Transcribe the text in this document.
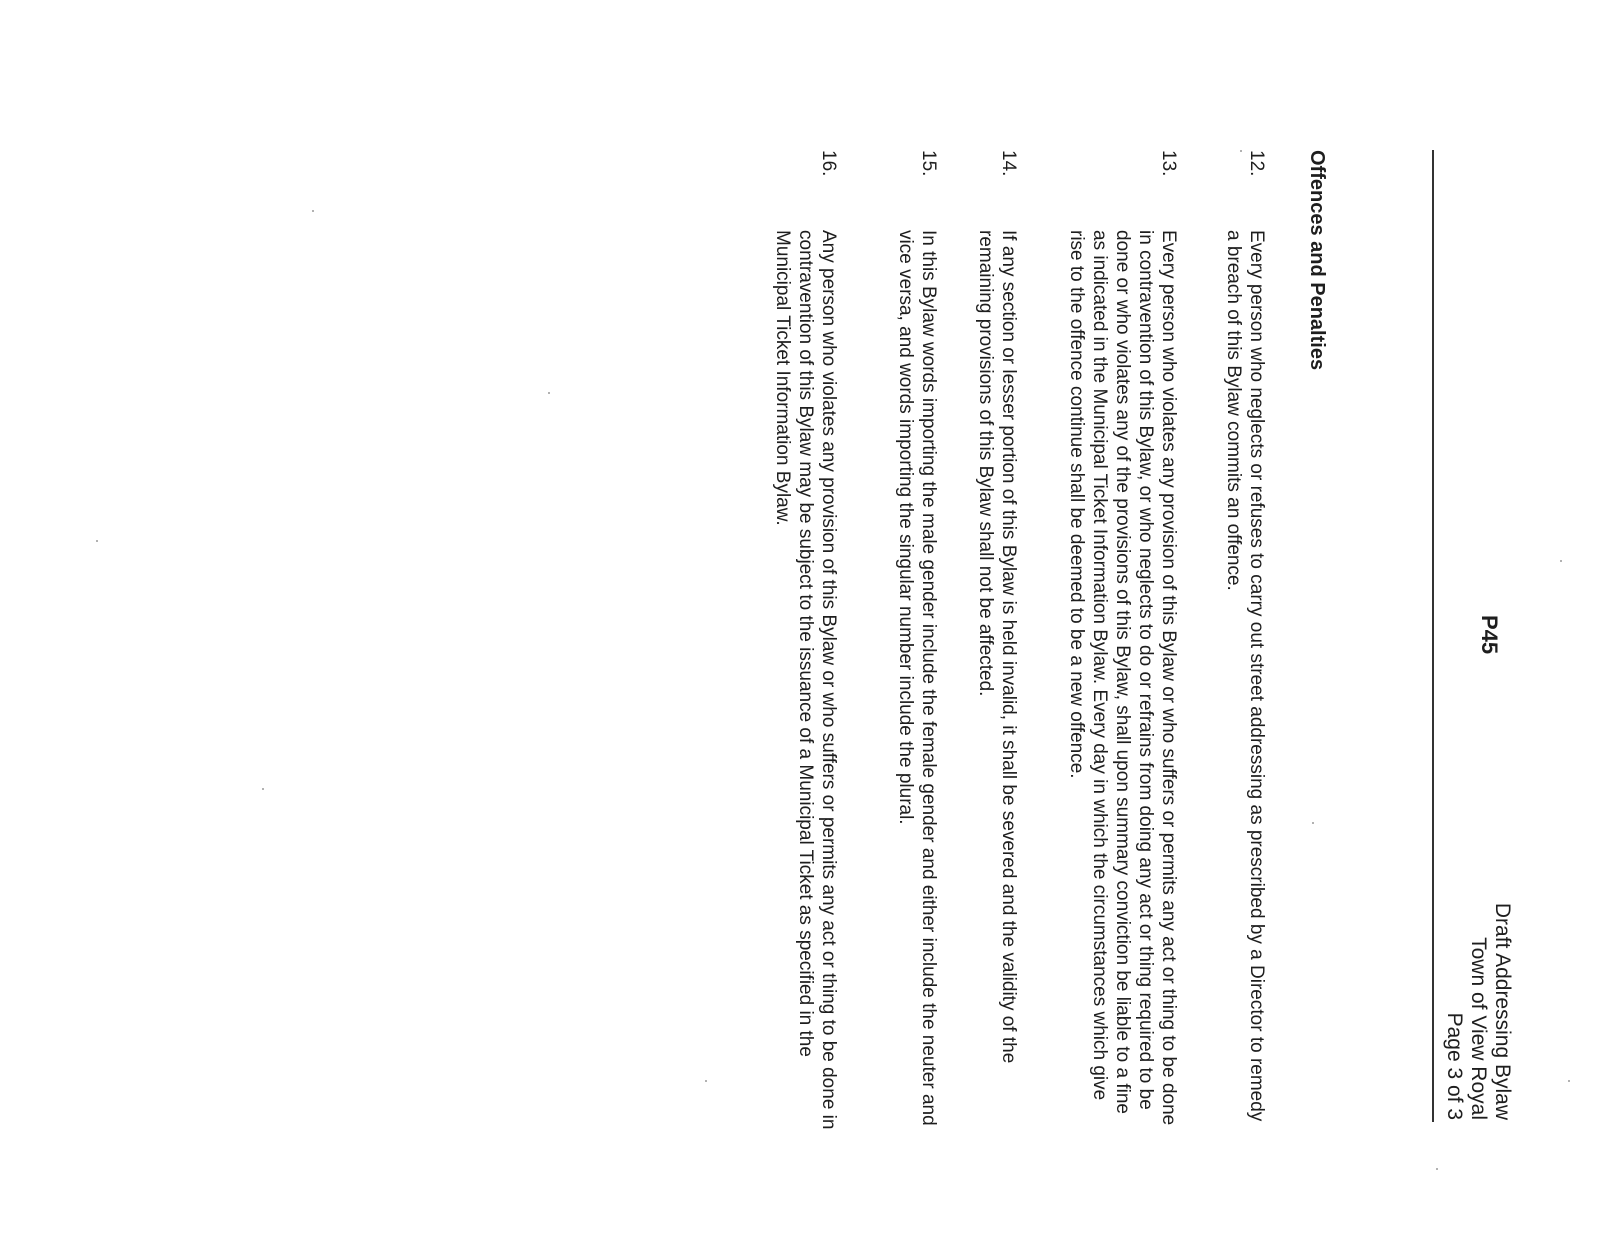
Draft Addressing Bylaw
Town of View Royal
Page 3 of 3
P45
Offences and Penalties
12.
Every person who neglects or refuses to carry out street addressing as prescribed by a Director to remedy a breach of this Bylaw commits an offence.
13.
Every person who violates any provision of this Bylaw or who suffers or permits any act or thing to be done in contravention of this Bylaw, or who neglects to do or refrains from doing any act or thing required to be done or who violates any of the provisions of this Bylaw, shall upon summary conviction be liable to a fine as indicated in the Municipal Ticket Information Bylaw. Every day in which the circumstances which give rise to the offence continue shall be deemed to be a new offence.
14.
If any section or lesser portion of this Bylaw is held invalid, it shall be severed and the validity of the remaining provisions of this Bylaw shall not be affected.
15.
In this Bylaw words importing the male gender include the female gender and either include the neuter and vice versa, and words importing the singular number include the plural.
16.
Any person who violates any provision of this Bylaw or who suffers or permits any act or thing to be done in contravention of this Bylaw may be subject to the issuance of a Municipal Ticket as specified in the Municipal Ticket Information Bylaw.
